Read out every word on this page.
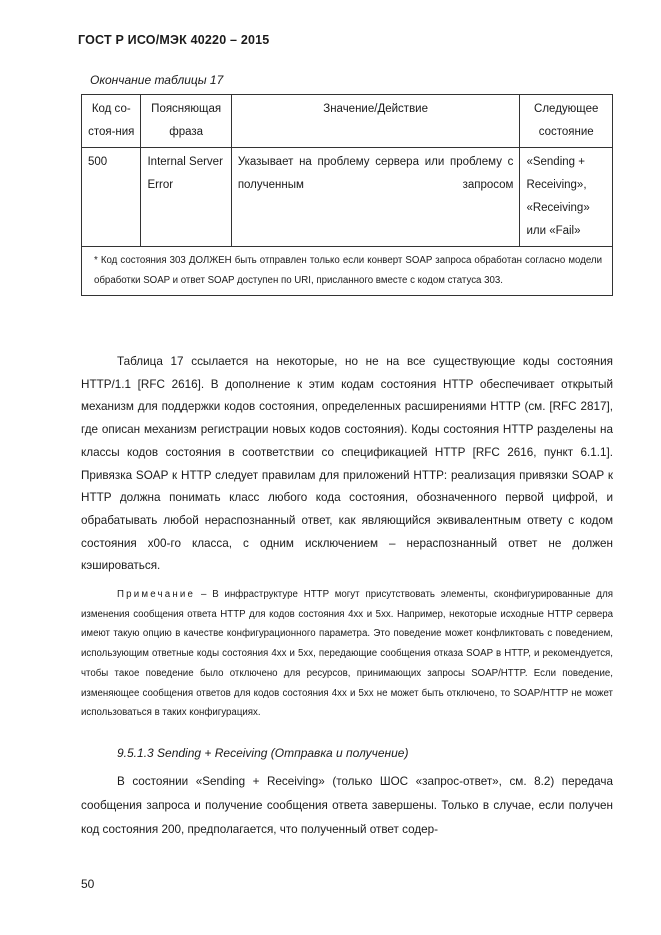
ГОСТ Р ИСО/МЭК 40220 – 2015
Окончание таблицы 17
Код со-стоя-ния	Поясняющая фраза	Значение/Действие	Следующее состояние
500	Internal Server Error	Указывает на проблему сервера или проблему с полученным запросом	«Sending + Receiving», «Receiving» или «Fail»
* Код состояния 303 ДОЛЖЕН быть отправлен только если конверт SOAP запроса обработан согласно модели обработки SOAP и ответ SOAP доступен по URI, присланного вместе с кодом статуса 303.			

Таблица 17 ссылается на некоторые, но не на все существующие коды состояния HTTP/1.1 [RFC 2616]. В дополнение к этим кодам состояния HTTP обеспечивает открытый механизм для поддержки кодов состояния, определенных расширениями HTTP (см. [RFC 2817], где описан механизм регистрации новых кодов состояния). Коды состояния HTTP разделены на классы кодов состояния в соответствии со спецификацией HTTP [RFC 2616, пункт 6.1.1]. Привязка SOAP к HTTP следует правилам для приложений HTTP: реализация привязки SOAP к HTTP должна понимать класс любого кода состояния, обозначенного первой цифрой, и обрабатывать любой нераспознанный ответ, как являющийся эквивалентным ответу с кодом состояния x00-го класса, с одним исключением – нераспознанный ответ не должен кэшироваться.

Примечание – В инфраструктуре HTTP могут присутствовать элементы, сконфигурированные для изменения сообщения ответа HTTP для кодов состояния 4xx и 5xx. Например, некоторые исходные HTTP сервера имеют такую опцию в качестве конфигурационного параметра. Это поведение может конфликтовать с поведением, использующим ответные коды состояния 4xx и 5xx, передающие сообщения отказа SOAP в HTTP, и рекомендуется, чтобы такое поведение было отключено для ресурсов, принимающих запросы SOAP/HTTP. Если поведение, изменяющее сообщения ответов для кодов состояния 4xx и 5xx не может быть отключено, то SOAP/HTTP не может использоваться в таких конфигурациях.

9.5.1.3 Sending + Receiving (Отправка и получение)

В состоянии «Sending + Receiving» (только ШОС «запрос-ответ», см. 8.2) передача сообщения запроса и получение сообщения ответа завершены. Только в случае, если получен код состояния 200, предполагается, что полученный ответ содер-

50
